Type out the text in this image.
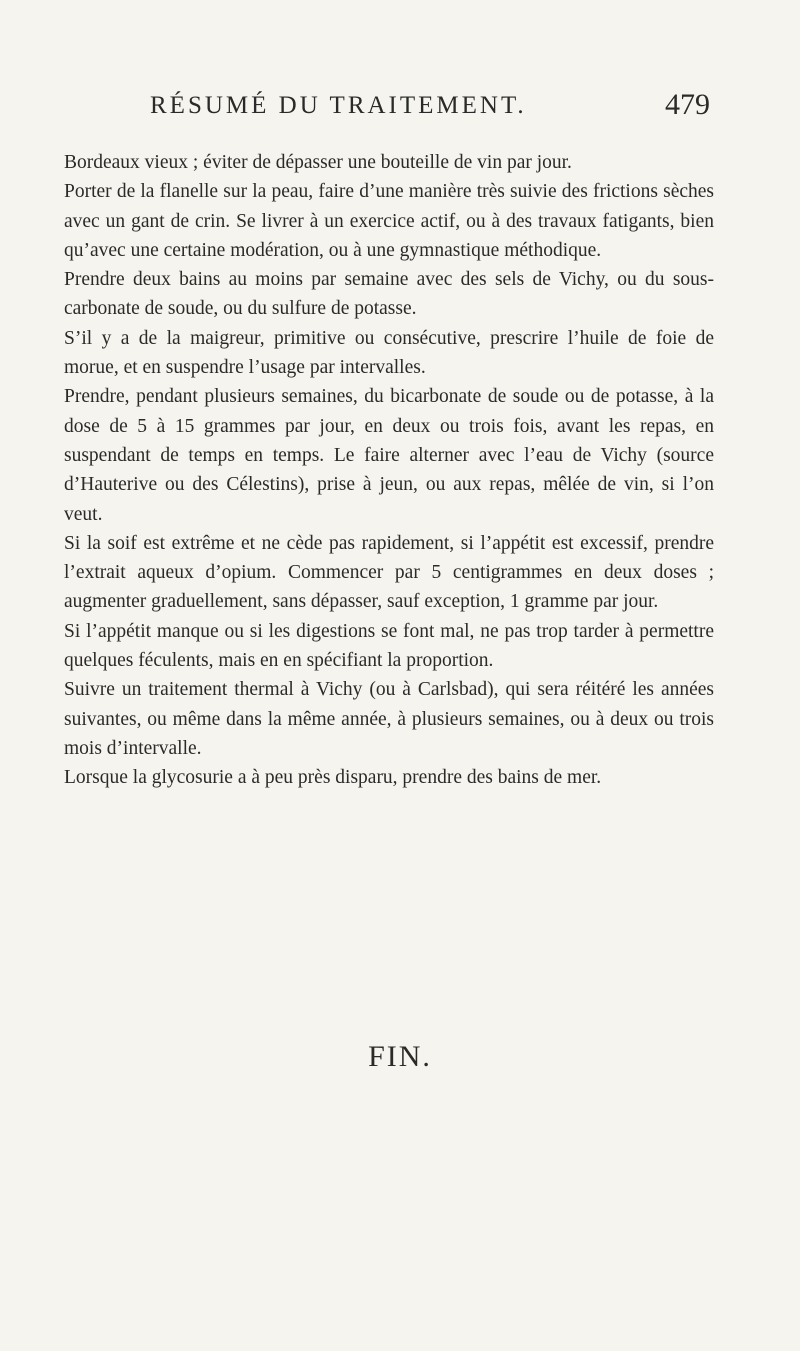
RÉSUMÉ DU TRAITEMENT.	479

Bordeaux vieux ; éviter de dépasser une bouteille de vin par jour.

Porter de la flanelle sur la peau, faire d’une manière très suivie des frictions sèches avec un gant de crin. Se livrer à un exercice actif, ou à des travaux fatigants, bien qu’avec une certaine modération, ou à une gymnastique méthodique.

Prendre deux bains au moins par semaine avec des sels de Vichy, ou du sous-carbonate de soude, ou du sulfure de potasse.

S’il y a de la maigreur, primitive ou consécutive, prescrire l’huile de foie de morue, et en suspendre l’usage par intervalles.

Prendre, pendant plusieurs semaines, du bicarbonate de soude ou de potasse, à la dose de 5 à 15 grammes par jour, en deux ou trois fois, avant les repas, en suspendant de temps en temps. Le faire alterner avec l’eau de Vichy (source d’Hauterive ou des Célestins), prise à jeun, ou aux repas, mêlée de vin, si l’on veut.

Si la soif est extrême et ne cède pas rapidement, si l’appétit est excessif, prendre l’extrait aqueux d’opium. Commencer par 5 centigrammes en deux doses ; augmenter graduellement, sans dépasser, sauf exception, 1 gramme par jour.

Si l’appétit manque ou si les digestions se font mal, ne pas trop tarder à permettre quelques féculents, mais en en spécifiant la proportion.

Suivre un traitement thermal à Vichy (ou à Carlsbad), qui sera réitéré les années suivantes, ou même dans la même année, à plusieurs semaines, ou à deux ou trois mois d’intervalle.

Lorsque la glycosurie a à peu près disparu, prendre des bains de mer.

FIN.
